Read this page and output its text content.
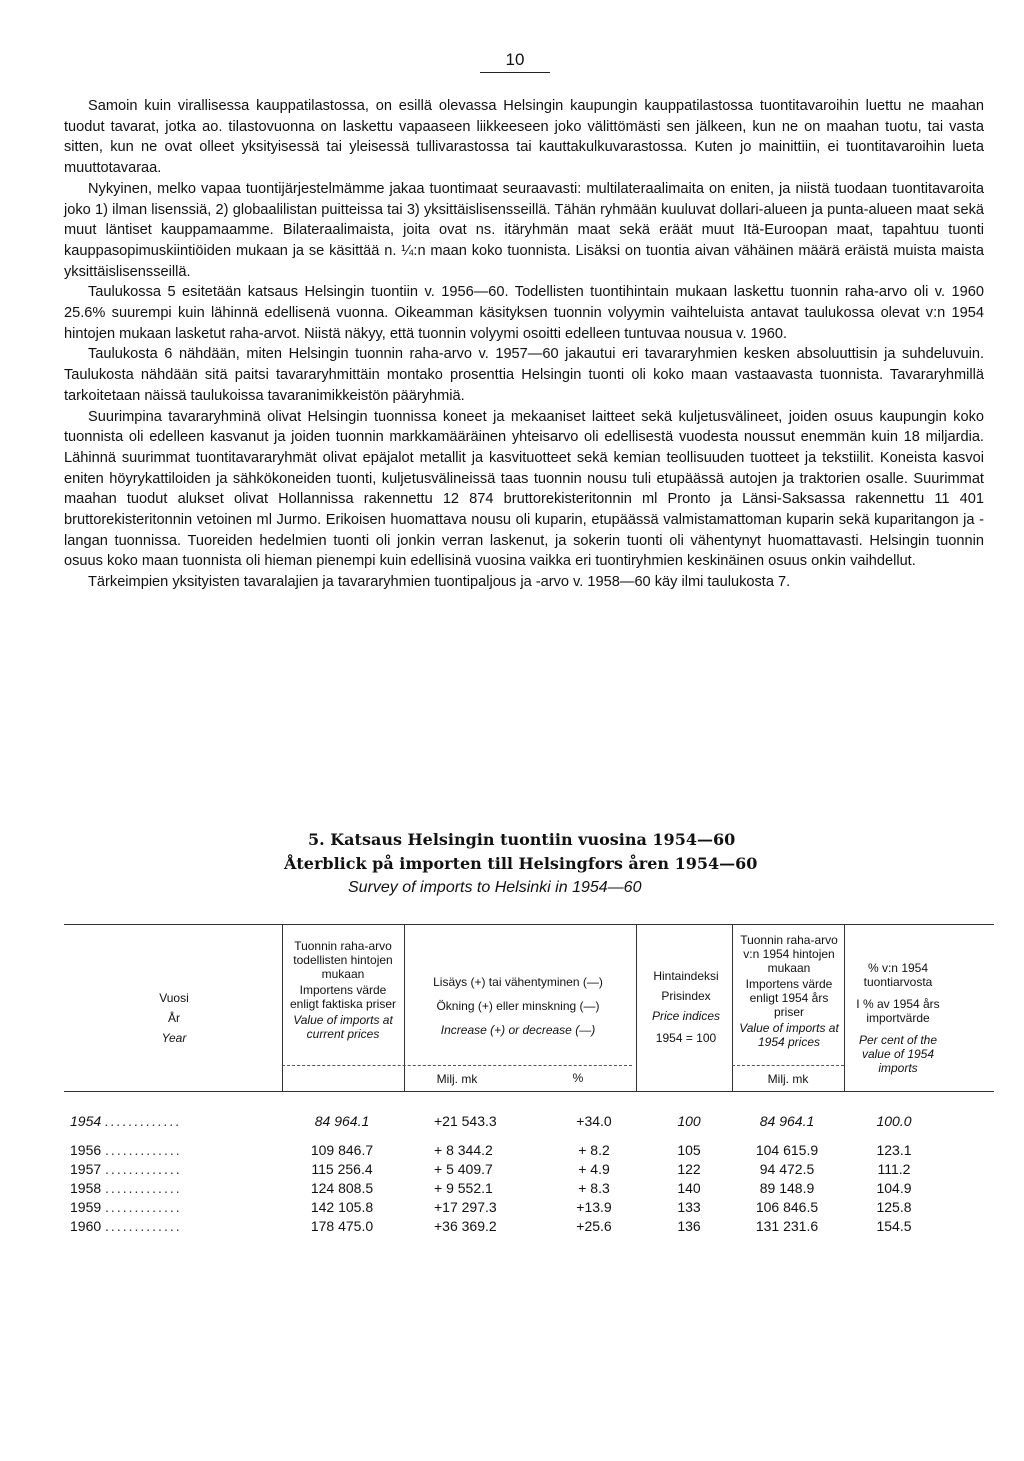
10

Samoin kuin virallisessa kauppatilastossa, on esillä olevassa Helsingin kaupungin kauppatilastossa tuontitavaroihin luettu ne maahan tuodut tavarat, jotka ao. tilastovuonna on laskettu vapaaseen liikkeeseen joko välittömästi sen jälkeen, kun ne on maahan tuotu, tai vasta sitten, kun ne ovat olleet yksityisessä tai yleisessä tullivarastossa tai kauttakulkuvarastossa. Kuten jo mainittiin, ei tuontitavaroihin lueta muuttotavaraa.

Nykyinen, melko vapaa tuontijärjestelmämme jakaa tuontimaat seuraavasti: multilateraalimaita on eniten, ja niistä tuodaan tuontitavaroita joko 1) ilman lisenssiä, 2) globaalilistan puitteissa tai 3) yksittäislisensseillä. Tähän ryhmään kuuluvat dollari-alueen ja punta-alueen maat sekä muut läntiset kauppamaamme. Bilateraalimaista, joita ovat ns. itäryhmän maat sekä eräät muut Itä-Euroopan maat, tapahtuu tuonti kauppasopimuskiintiöiden mukaan ja se käsittää n. ¼:n maan koko tuonnista. Lisäksi on tuontia aivan vähäinen määrä eräistä muista maista yksittäislisensseillä.

Taulukossa 5 esitetään katsaus Helsingin tuontiin v. 1956—60. Todellisten tuontihintain mukaan laskettu tuonnin raha-arvo oli v. 1960 25.6% suurempi kuin lähinnä edellisenä vuonna. Oikeamman käsityksen tuonnin volyymin vaihteluista antavat taulukossa olevat v:n 1954 hintojen mukaan lasketut raha-arvot. Niistä näkyy, että tuonnin volyymi osoitti edelleen tuntuvaa nousua v. 1960.

Taulukosta 6 nähdään, miten Helsingin tuonnin raha-arvo v. 1957—60 jakautui eri tavararyhmien kesken absoluuttisin ja suhdeluvuin. Taulukosta nähdään sitä paitsi tavararyhmittäin montako prosenttia Helsingin tuonti oli koko maan vastaavasta tuonnista. Tavararyhmillä tarkoitetaan näissä taulukoissa tavaranimikkeistön pääryhmiä.

Suurimpina tavararyhminä olivat Helsingin tuonnissa koneet ja mekaaniset laitteet sekä kuljetusvälineet, joiden osuus kaupungin koko tuonnista oli edelleen kasvanut ja joiden tuonnin markkamääräinen yhteisarvo oli edellisestä vuodesta noussut enemmän kuin 18 miljardia. Lähinnä suurimmat tuontitavararyhmät olivat epäjalot metallit ja kasvituotteet sekä kemian teollisuuden tuotteet ja tekstiilit. Koneista kasvoi eniten höyrykattiloiden ja sähkökoneiden tuonti, kuljetusvälineissä taas tuonnin nousu tuli etupäässä autojen ja traktorien osalle. Suurimmat maahan tuodut alukset olivat Hollannissa rakennettu 12 874 bruttorekisteritonnin ml Pronto ja Länsi-Saksassa rakennettu 11 401 bruttorekisteritonnin vetoinen ml Jurmo. Erikoisen huomattava nousu oli kuparin, etupäässä valmistamattoman kuparin sekä kuparitangon ja -langan tuonnissa. Tuoreiden hedelmien tuonti oli jonkin verran laskenut, ja sokerin tuonti oli vähentynyt huomattavasti. Helsingin tuonnin osuus koko maan tuonnista oli hieman pienempi kuin edellisinä vuosina vaikka eri tuontiryhmien keskinäinen osuus onkin vaihdellut.

Tärkeimpien yksityisten tavaralajien ja tavararyhmien tuontipaljous ja -arvo v. 1958—60 käy ilmi taulukosta 7.

5. Katsaus Helsingin tuontiin vuosina 1954—60
Återblick på importen till Helsingfors åren 1954—60
Survey of imports to Helsinki in 1954—60
Vuosi
År
Year
Tuonnin raha-arvo todellisten hintojen mukaan
Importens värde enligt faktiska priser
Value of imports at current prices
Lisäys (+) tai vähentyminen (—)
Ökning (+) eller minskning (—)
Increase (+) or decrease (—)
Hintaindeksi
Prisindex
Price indices
1954 = 100
Tuonnin raha-arvo v:n 1954 hintojen mukaan
Importens värde enligt 1954 års priser
Value of imports at 1954 prices
% v:n 1954 tuontiarvosta
I % av 1954 års importvärde
Per cent of the value of 1954 imports
Milj. mk	%	Milj. mk
1954 .............	84 964.1	+21 543.3	+34.0	100	84 964.1	100.0
1956 .............	109 846.7	+ 8 344.2	+ 8.2	105	104 615.9	123.1
1957 .............	115 256.4	+ 5 409.7	+ 4.9	122	94 472.5	111.2
1958 .............	124 808.5	+ 9 552.1	+ 8.3	140	89 148.9	104.9
1959 .............	142 105.8	+17 297.3	+13.9	133	106 846.5	125.8
1960 .............	178 475.0	+36 369.2	+25.6	136	131 231.6	154.5
